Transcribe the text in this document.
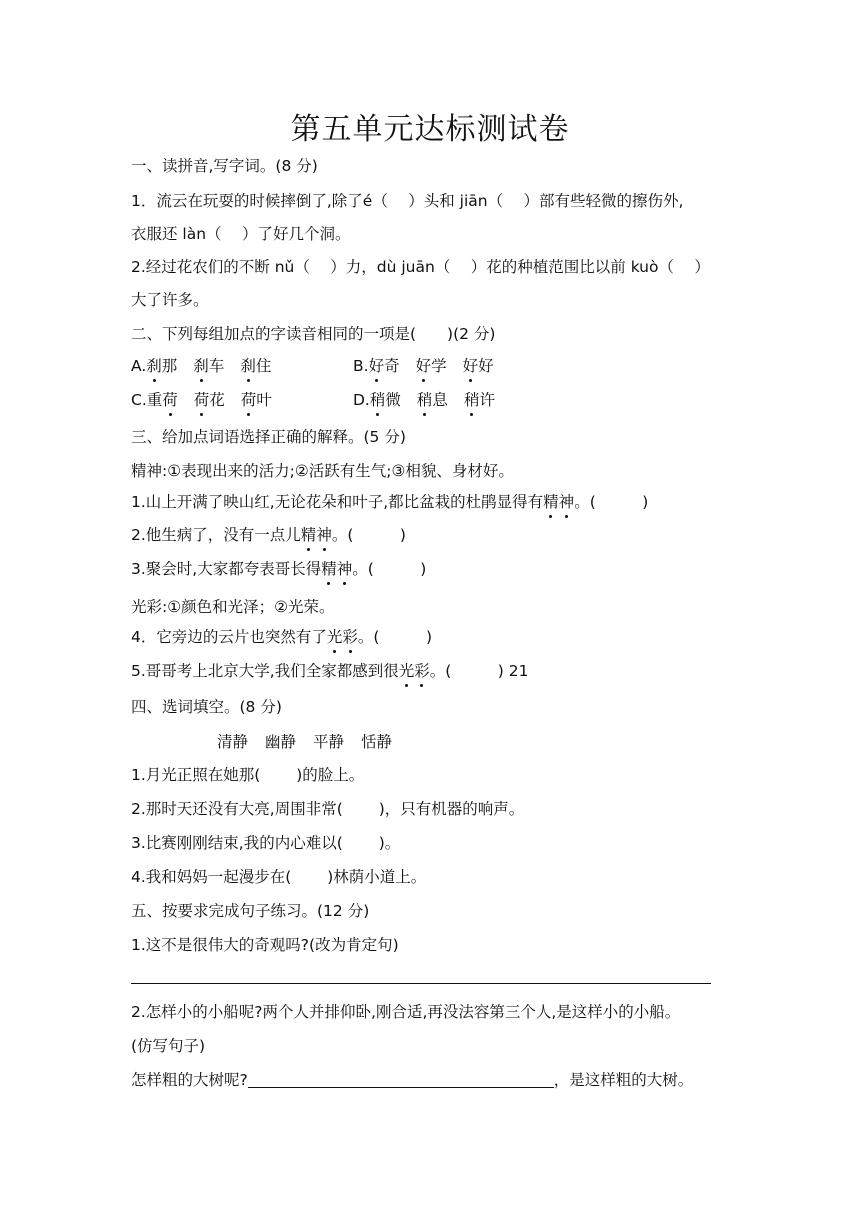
第五单元达标测试卷
一、读拼音,写字词。(8 分)
1．流云在玩耍的时候摔倒了,除了é（　 ）头和 jiān（　 ）部有些轻微的擦伤外,
衣服还 làn（　 ）了好几个洞。
2.经过花农们的不断 nǔ（　 ）力，dù juān（　 ）花的种植范围比以前 kuò（　 ）
大了许多。
二、下列每组加点的字读音相同的一项是(　　)(2 分)
A.刹那 刹车 刹住	B.好奇 好学 好好
C.重荷 荷花 荷叶	D.稍微 稍息 稍许
三、给加点词语选择正确的解释。(5 分)
精神:①表现出来的活力;②活跃有生气;③相貌、身材好。
1.山上开满了映山红,无论花朵和叶子,都比盆栽的杜鹃显得有精神。(　　　)
2.他生病了，没有一点儿精神。(　　　)
3.聚会时,大家都夸表哥长得精神。(　　　)
光彩:①颜色和光泽；②光荣。
4．它旁边的云片也突然有了光彩。(　　　)
5.哥哥考上北京大学,我们全家都感到很光彩。(　　　) 21
四、选词填空。(8 分)
清静 幽静 平静 恬静
1.月光正照在她那(　　 )的脸上。
2.那时天还没有大亮,周围非常(　　 )，只有机器的响声。
3.比赛刚刚结束,我的内心难以(　　 )。
4.我和妈妈一起漫步在(　　 )林荫小道上。
五、按要求完成句子练习。(12 分)
1.这不是很伟大的奇观吗?(改为肯定句)
2.怎样小的小船呢?两个人并排仰卧,刚合适,再没法容第三个人,是这样小的小船。
(仿写句子)
怎样粗的大树呢?	，是这样粗的大树。
